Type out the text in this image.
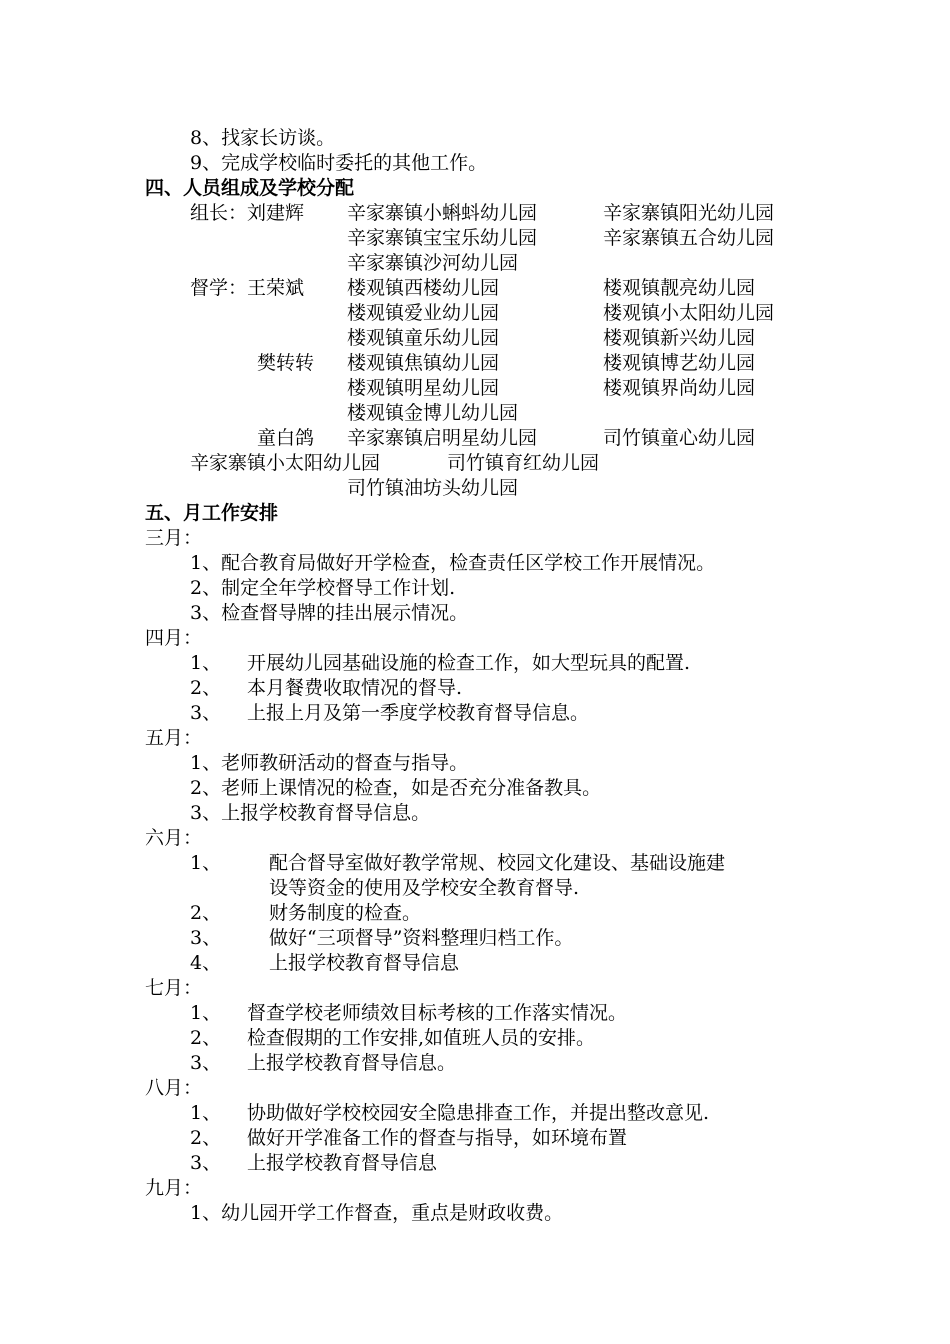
8、找家长访谈。
9、完成学校临时委托的其他工作。
四、人员组成及学校分配
组长：刘建辉 辛家寨镇小蝌蚪幼儿园	辛家寨镇阳光幼儿园
辛家寨镇宝宝乐幼儿园	辛家寨镇五合幼儿园
辛家寨镇沙河幼儿园
督学：王荣斌 楼观镇西楼幼儿园	楼观镇靓亮幼儿园
楼观镇爱业幼儿园	楼观镇小太阳幼儿园
楼观镇童乐幼儿园	楼观镇新兴幼儿园
樊转转 楼观镇焦镇幼儿园	楼观镇博艺幼儿园
楼观镇明星幼儿园	楼观镇界尚幼儿园
楼观镇金博儿幼儿园
童白鸽 辛家寨镇启明星幼儿园	司竹镇童心幼儿园
辛家寨镇小太阳幼儿园	司竹镇育红幼儿园
司竹镇油坊头幼儿园
五、月工作安排
三月：
1、配合教育局做好开学检查，检查责任区学校工作开展情况。
2、制定全年学校督导工作计划.
3、检查督导牌的挂出展示情况。
四月：
1、 开展幼儿园基础设施的检查工作，如大型玩具的配置.
2、 本月餐费收取情况的督导.
3、 上报上月及第一季度学校教育督导信息。
五月：
1、老师教研活动的督查与指导。
2、老师上课情况的检查，如是否充分准备教具。
3、上报学校教育督导信息。
六月：
1、	配合督导室做好教学常规、校园文化建设、基础设施建
设等资金的使用及学校安全教育督导.
2、	财务制度的检查。
3、	做好“三项督导”资料整理归档工作。
4、	上报学校教育督导信息
七月：
1、 督查学校老师绩效目标考核的工作落实情况。
2、 检查假期的工作安排,如值班人员的安排。
3、 上报学校教育督导信息。
八月：
1、 协助做好学校校园安全隐患排查工作，并提出整改意见.
2、 做好开学准备工作的督查与指导，如环境布置
3、 上报学校教育督导信息
九月：
1、幼儿园开学工作督查，重点是财政收费。
